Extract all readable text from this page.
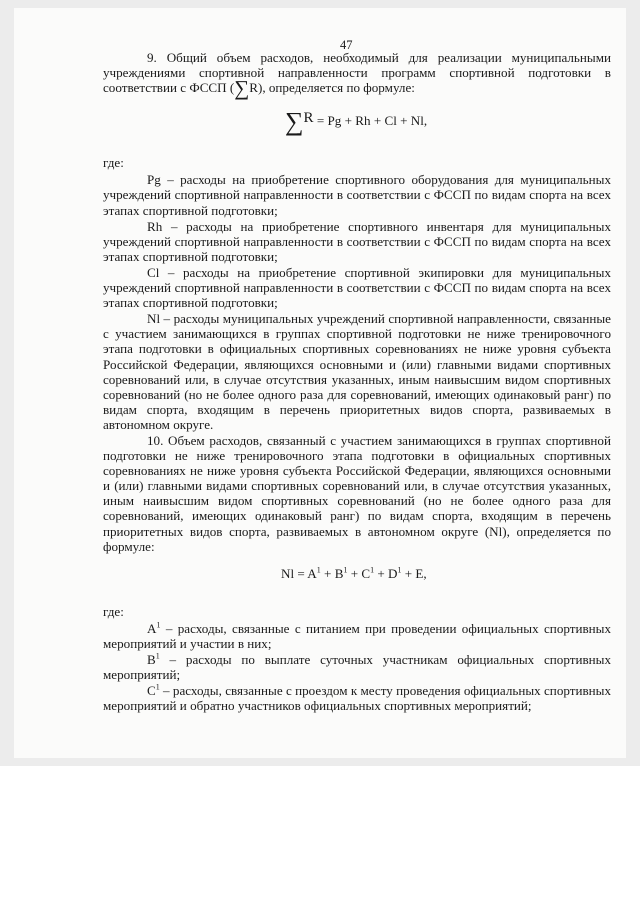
47

9. Общий объем расходов, необходимый для реализации муниципальными учреждениями спортивной направленности программ спортивной подготовки в соответствии с ФССП (∑R), определяется по формуле:

∑R = Pg + Rh + Cl + Nl,

где:

Pg – расходы на приобретение спортивного оборудования для муниципальных учреждений спортивной направленности в соответствии с ФССП по видам спорта на всех этапах спортивной подготовки;

Rh – расходы на приобретение спортивного инвентаря для муниципальных учреждений спортивной направленности в соответствии с ФССП по видам спорта на всех этапах спортивной подготовки;

Cl – расходы на приобретение спортивной экипировки для муниципальных учреждений спортивной направленности в соответствии с ФССП по видам спорта на всех этапах спортивной подготовки;

Nl – расходы муниципальных учреждений спортивной направленности, связанные с участием занимающихся в группах спортивной подготовки не ниже тренировочного этапа подготовки в официальных спортивных соревнованиях не ниже уровня субъекта Российской Федерации, являющихся основными и (или) главными видами спортивных соревнований или, в случае отсутствия указанных, иным наивысшим видом спортивных соревнований (но не более одного раза для соревнований, имеющих одинаковый ранг) по видам спорта, входящим в перечень приоритетных видов спорта, развиваемых в автономном округе.

10. Объем расходов, связанный с участием занимающихся в группах спортивной подготовки не ниже тренировочного этапа подготовки в официальных спортивных соревнованиях не ниже уровня субъекта Российской Федерации, являющихся основными и (или) главными видами спортивных соревнований или, в случае отсутствия указанных, иным наивысшим видом спортивных соревнований (но не более одного раза для соревнований, имеющих одинаковый ранг) по видам спорта, входящим в перечень приоритетных видов спорта, развиваемых в автономном округе (Nl), определяется по формуле:

$Nl = A^1 + B^1 + C^1 + D^1 + E$,

где:

$A^1$ – расходы, связанные с питанием при проведении официальных спортивных мероприятий и участии в них;

$B^1$ – расходы по выплате суточных участникам официальных спортивных мероприятий;

$C^1$ – расходы, связанные с проездом к месту проведения официальных спортивных мероприятий и обратно участников официальных спортивных мероприятий;
